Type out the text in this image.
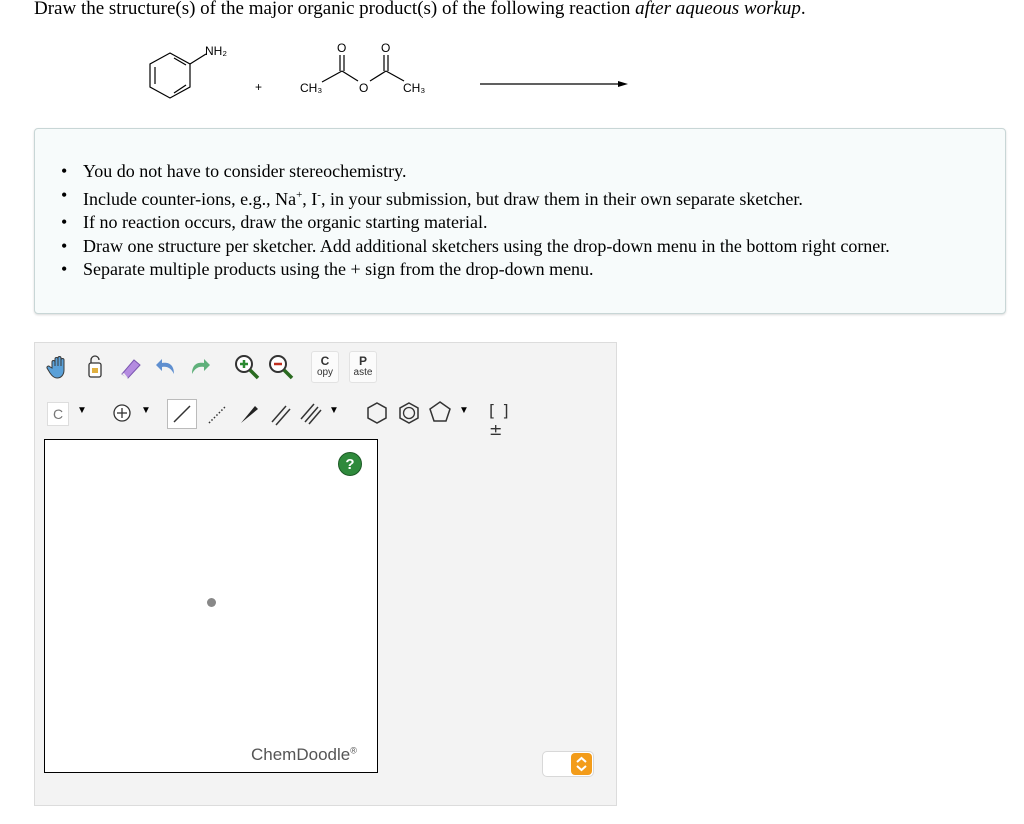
Draw the structure(s) of the major organic product(s) of the following reaction after aqueous workup.
NH₂
+
O	O
CH₃	O	CH₃
• You do not have to consider stereochemistry.
• Include counter-ions, e.g., Na+, I-, in your submission, but draw them in their own separate sketcher.
• If no reaction occurs, draw the organic starting material.
• Draw one structure per sketcher. Add additional sketchers using the drop-down menu in the bottom right corner.
• Separate multiple products using the + sign from the drop-down menu.
C
opy
P
aste
C	▼	▼	▼	▼ [ ]±
?
ChemDoodle®
